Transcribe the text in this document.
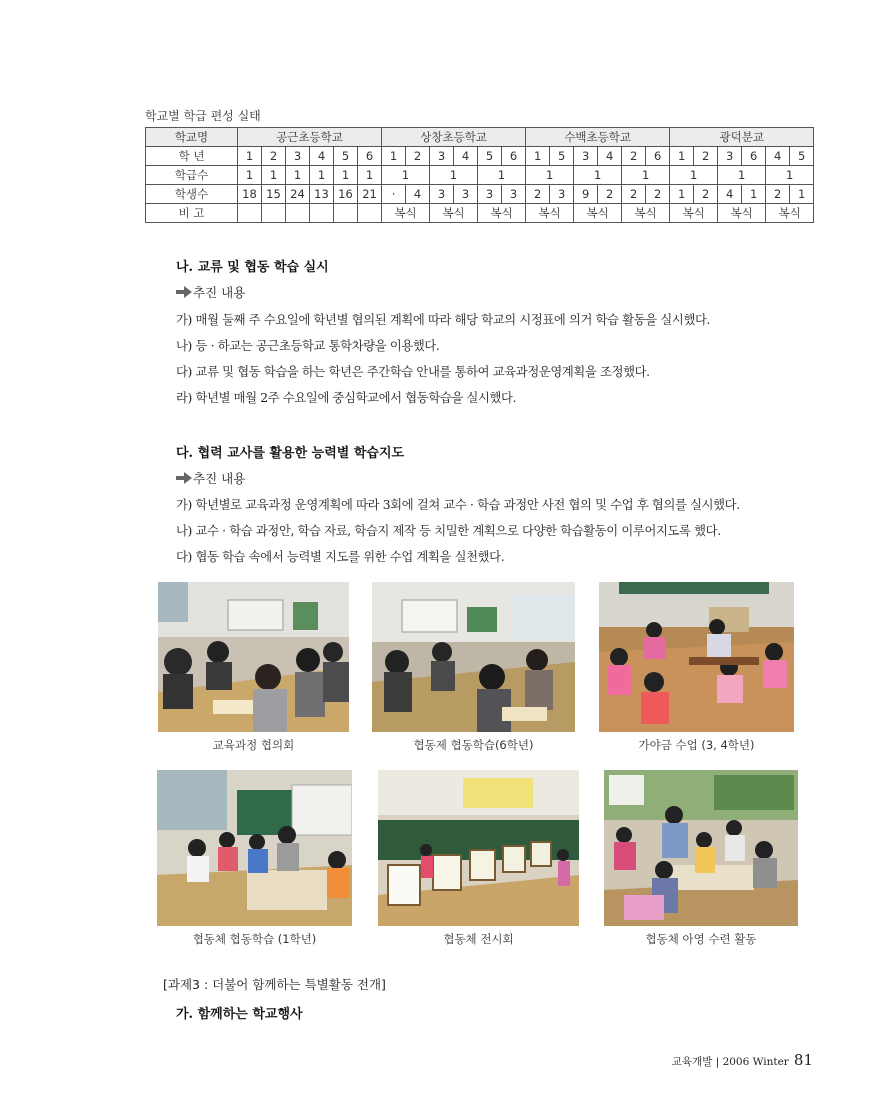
학교별 학급 편성 실태
학교명	공근초등학교						상창초등학교						수백초등학교						광덕분교					
학 년	1	2	3	4	5	6	1	2	3	4	5	6	1	5	3	4	2	6	1	2	3	6	4	5
학급수	1	1	1	1	1	1	1		1		1		1		1		1		1		1		1	
학생수	18	15	24	13	16	21	·	4	3	3	3	3	2	3	9	2	2	2	1	2	4	1	2	1
비 고							복식		복식		복식		복식		복식		복식		복식		복식		복식	
나. 교류 및 협동 학습 실시
추진 내용
가) 매월 둘째 주 수요일에 학년별 협의된 계획에 따라 해당 학교의 시정표에 의거 학습 활동을 실시했다.
나) 등 · 하교는 공근초등학교 통학차량을 이용했다.
다) 교류 및 협동 학습을 하는 학년은 주간학습 안내를 통하여 교육과정운영계획을 조정했다.
라) 학년별 매월 2주 수요일에 중심학교에서 협동학습을 실시했다.
다. 협력 교사를 활용한 능력별 학습지도
추진 내용
가) 학년별로 교육과정 운영계획에 따라 3회에 걸쳐 교수 · 학습 과정안 사전 협의 및 수업 후 협의를 실시했다.
나) 교수 · 학습 과정안, 학습 자료, 학습지 제작 등 치밀한 계획으로 다양한 학습활동이 이루어지도록 했다.
다) 협동 학습 속에서 능력별 지도를 위한 수업 계획을 실천했다.
교육과정 협의회	협동제 협동학습(6학년)	가야금 수업 (3, 4학년)
협동체 협동학습 (1학년)	협동체 전시회	협동체 아영 수련 활동
[과제3 : 더불어 함께하는 특별활동 전개]
가. 함께하는 학교행사
교육개발 | 2006 Winter 81
